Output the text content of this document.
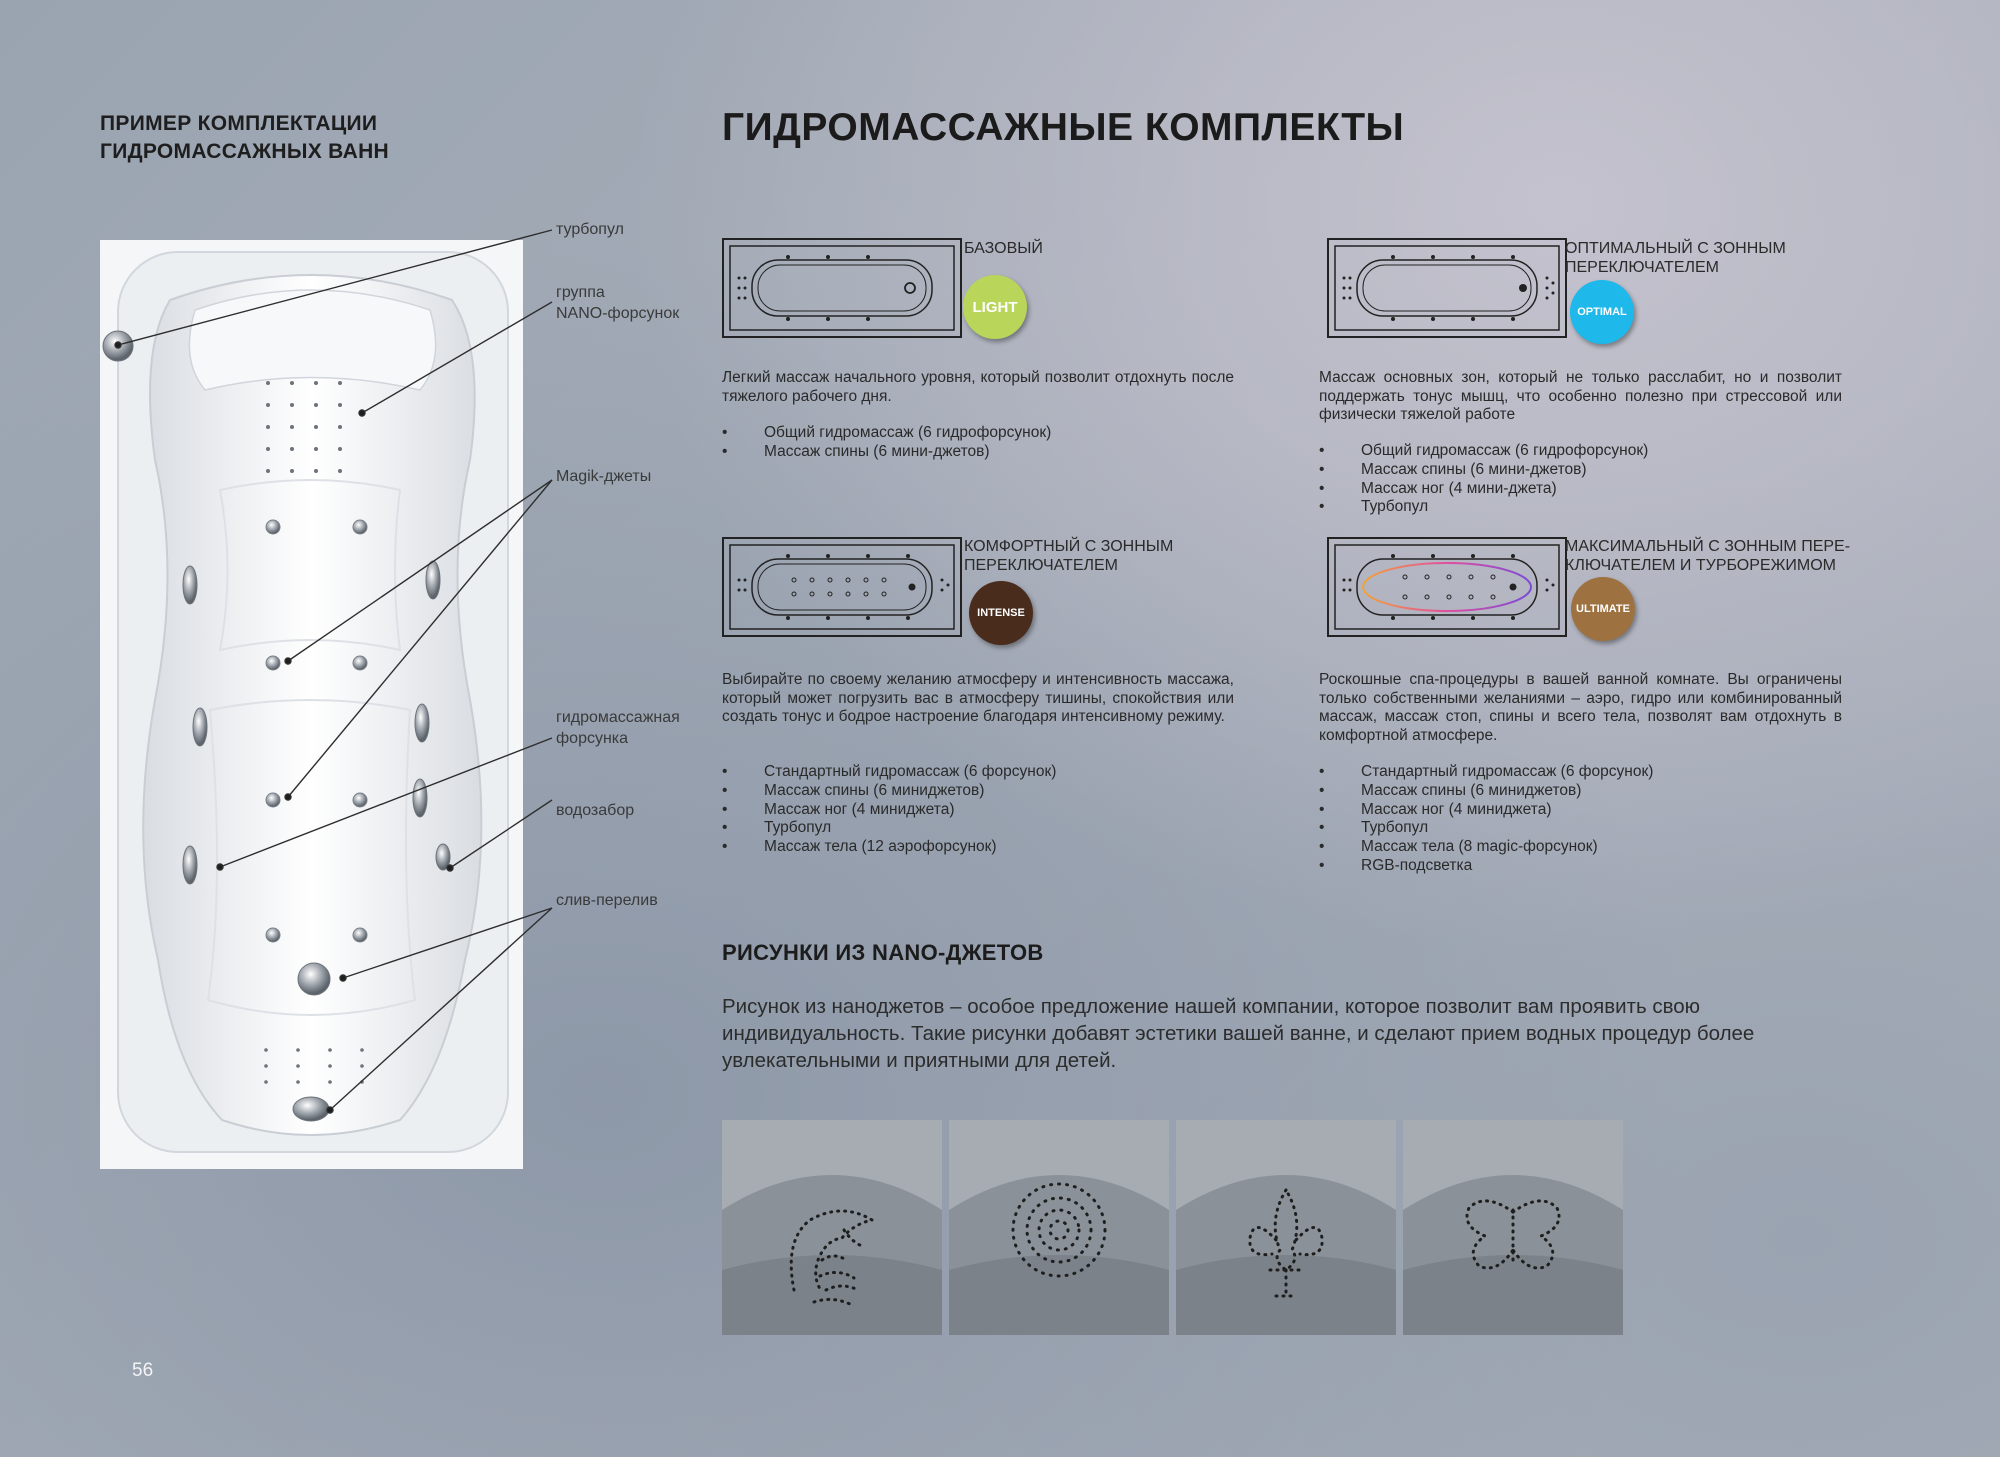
ПРИМЕР КОМПЛЕКТАЦИИ
ГИДРОМАССАЖНЫХ ВАНН
ГИДРОМАССАЖНЫЕ КОМПЛЕКТЫ
турбопул
группа
NANO-форсунок
Magik-джеты
гидромассажная
форсунка
водозабор
слив-перелив
БАЗОВЫЙ
LIGHT
Легкий массаж начального уровня, который позволит отдохнуть после тяжелого рабочего дня.
• Общий гидромассаж (6 гидрофорсунок)
• Массаж спины (6 мини-джетов)
ОПТИМАЛЬНЫЙ С ЗОННЫМ
ПЕРЕКЛЮЧАТЕЛЕМ
OPTIMAL
Массаж основных зон, который не только расслабит, но и позволит поддержать тонус мышц, что особенно полезно при стрессовой или физически тяжелой работе
• Общий гидромассаж (6 гидрофорсунок)
• Массаж спины (6 мини-джетов)
• Массаж ног (4 мини-джета)
• Турбопул
КОМФОРТНЫЙ С ЗОННЫМ
ПЕРЕКЛЮЧАТЕЛЕМ
INTENSE
Выбирайте по своему желанию атмосферу и интенсивность массажа, который может погрузить вас в атмосферу тишины, спокойствия или создать тонус и бодрое настроение благодаря интенсивному режиму.
• Стандартный гидромассаж (6 форсунок)
• Массаж спины (6 миниджетов)
• Массаж ног (4 миниджета)
• Турбопул
• Массаж тела (12 аэрофорсунок)
МАКСИМАЛЬНЫЙ С ЗОННЫМ ПЕРЕ-
КЛЮЧАТЕЛЕМ И ТУРБОРЕЖИМОМ
ULTIMATE
Роскошные спа-процедуры в вашей ванной комнате. Вы ограничены только собственными желаниями – аэро, гидро или комбинированный массаж, массаж стоп, спины и всего тела, позволят вам отдохнуть в комфортной атмосфере.
• Стандартный гидромассаж (6 форсунок)
• Массаж спины (6 миниджетов)
• Массаж ног (4 миниджета)
• Турбопул
• Массаж тела (8 magic-форсунок)
• RGB-подсветка
РИСУНКИ ИЗ NANO-ДЖЕТОВ
Рисунок из наноджетов – особое предложение нашей компании, которое позволит вам проявить свою индивидуальность. Такие рисунки добавят эстетики вашей ванне, и сделают прием водных процедур более увлекательными и приятными для детей.
56
